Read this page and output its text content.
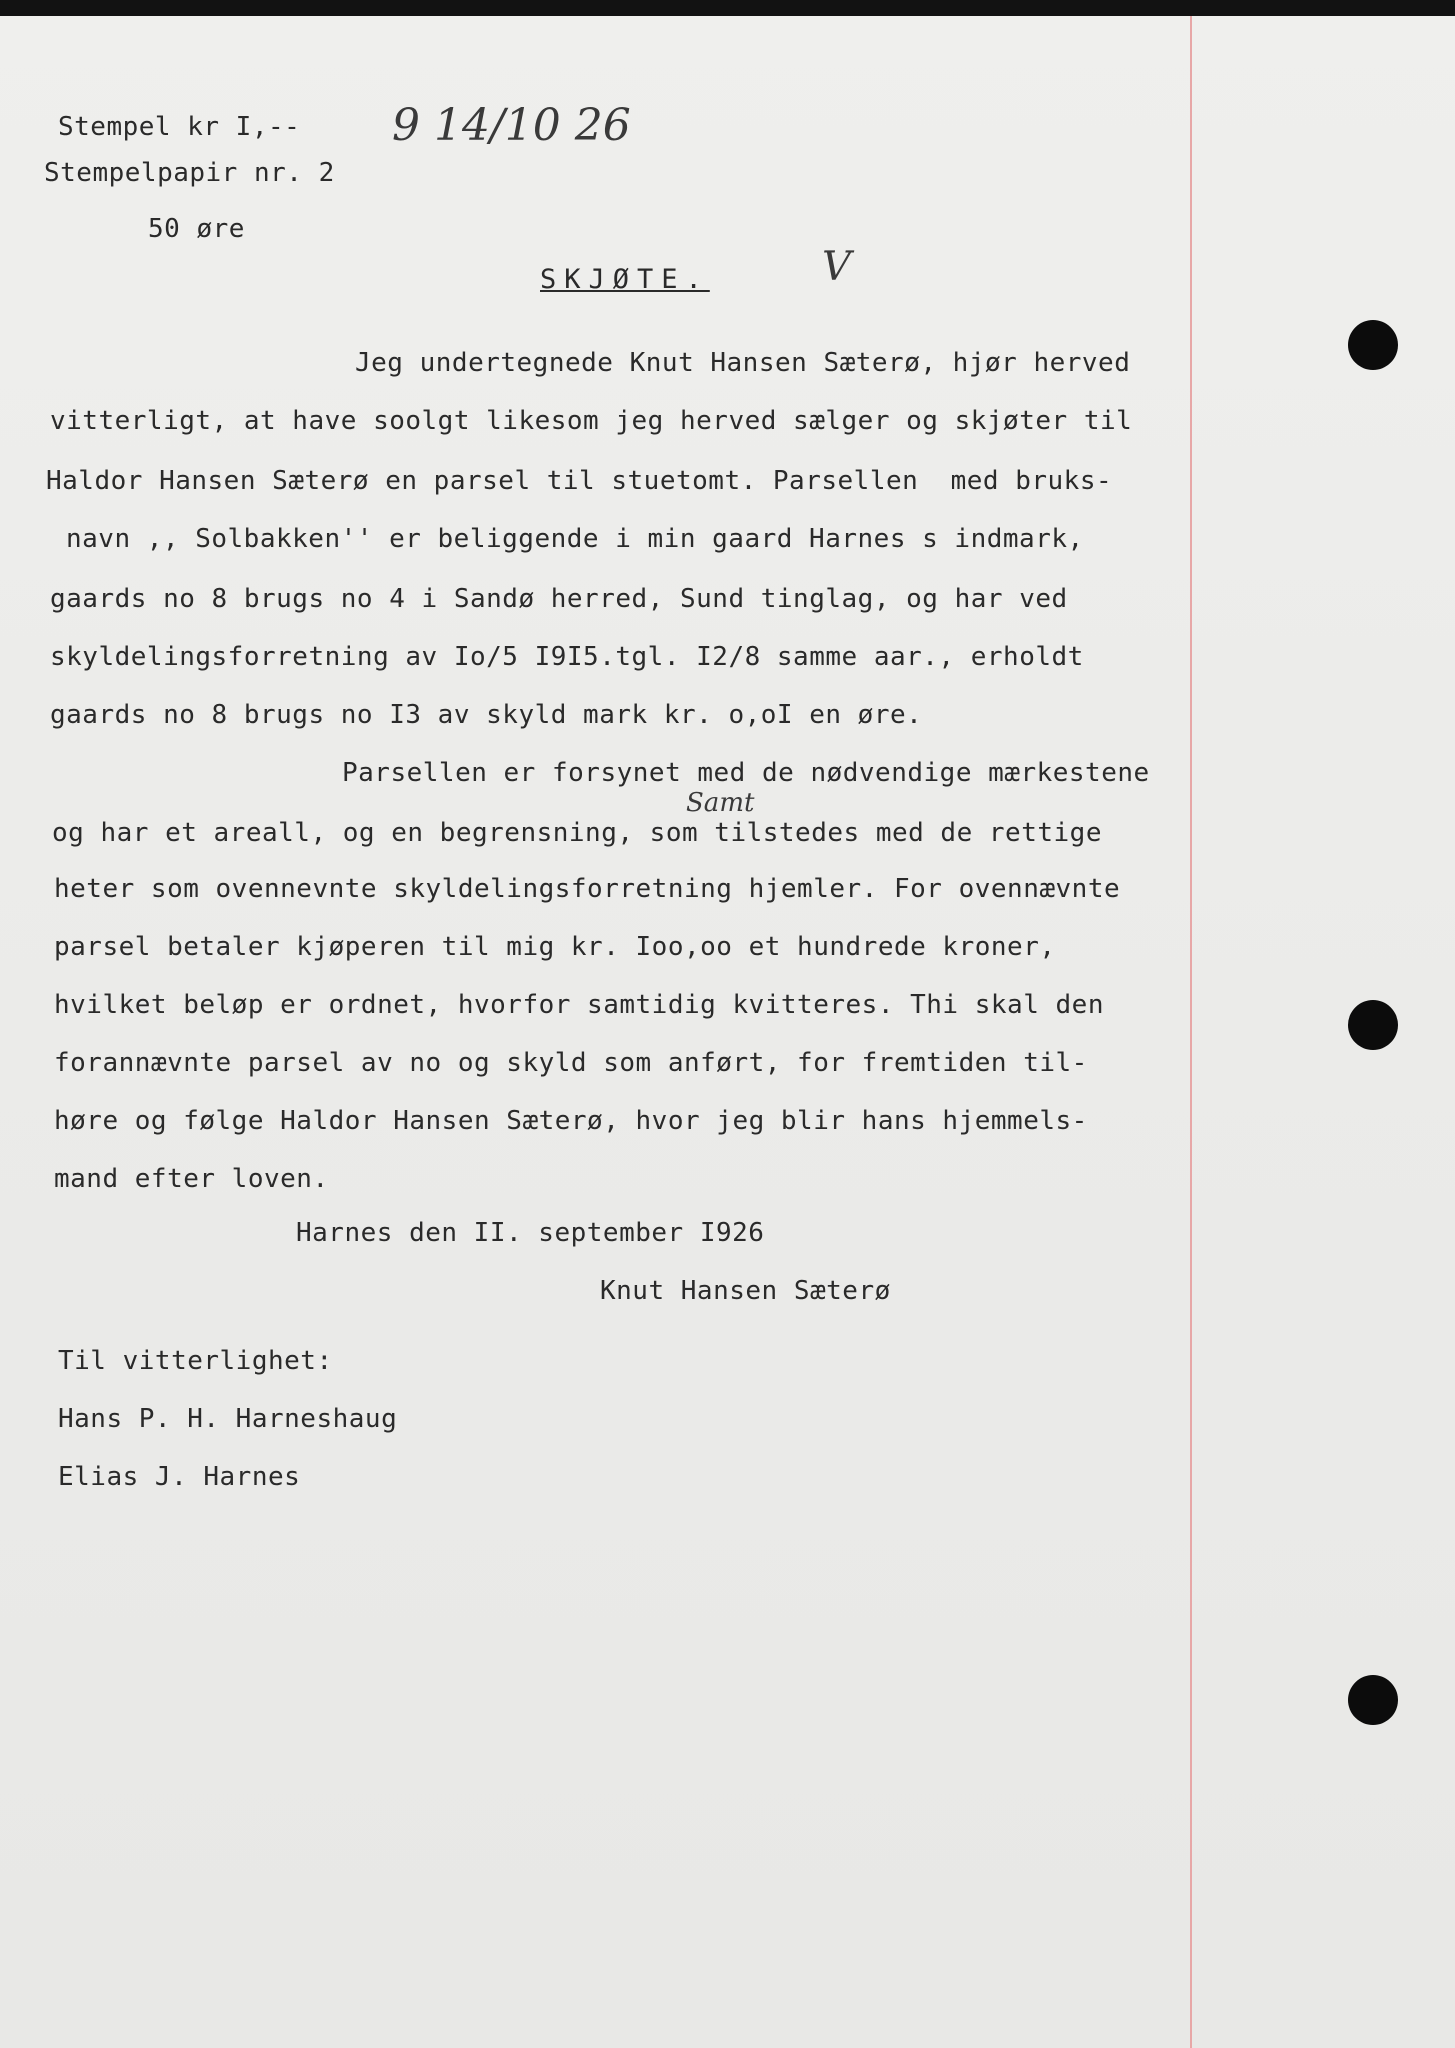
Stempel kr I,--
Stempelpapir nr. 2
50 øre
9 14/10 26
SKJØTE.	V
Jeg undertegnede Knut Hansen Sæterø, hjør herved
vitterligt, at have soolgt likesom jeg herved sælger og skjøter til
Haldor Hansen Sæterø en parsel til stuetomt. Parsellen  med bruks-
navn ,, Solbakken'' er beliggende i min gaard Harnes s indmark,
gaards no 8 brugs no 4 i Sandø herred, Sund tinglag, og har ved
skyldelingsforretning av Io/5 I9I5.tgl. I2/8 samme aar., erholdt
gaards no 8 brugs no I3 av skyld mark kr. o,oI en øre.
Parsellen er forsynet med de nødvendige mærkestene
og har et areall, og en begrensning, som tilstedes med de rettige
Samt
heter som ovennevnte skyldelingsforretning hjemler. For ovennævnte
parsel betaler kjøperen til mig kr. Ioo,oo et hundrede kroner,
hvilket beløp er ordnet, hvorfor samtidig kvitteres. Thi skal den
forannævnte parsel av no og skyld som anført, for fremtiden til-
høre og følge Haldor Hansen Sæterø, hvor jeg blir hans hjemmels-
mand efter loven.
Harnes den II. september I926
Knut Hansen Sæterø
Til vitterlighet:
Hans P. H. Harneshaug
Elias J. Harnes
